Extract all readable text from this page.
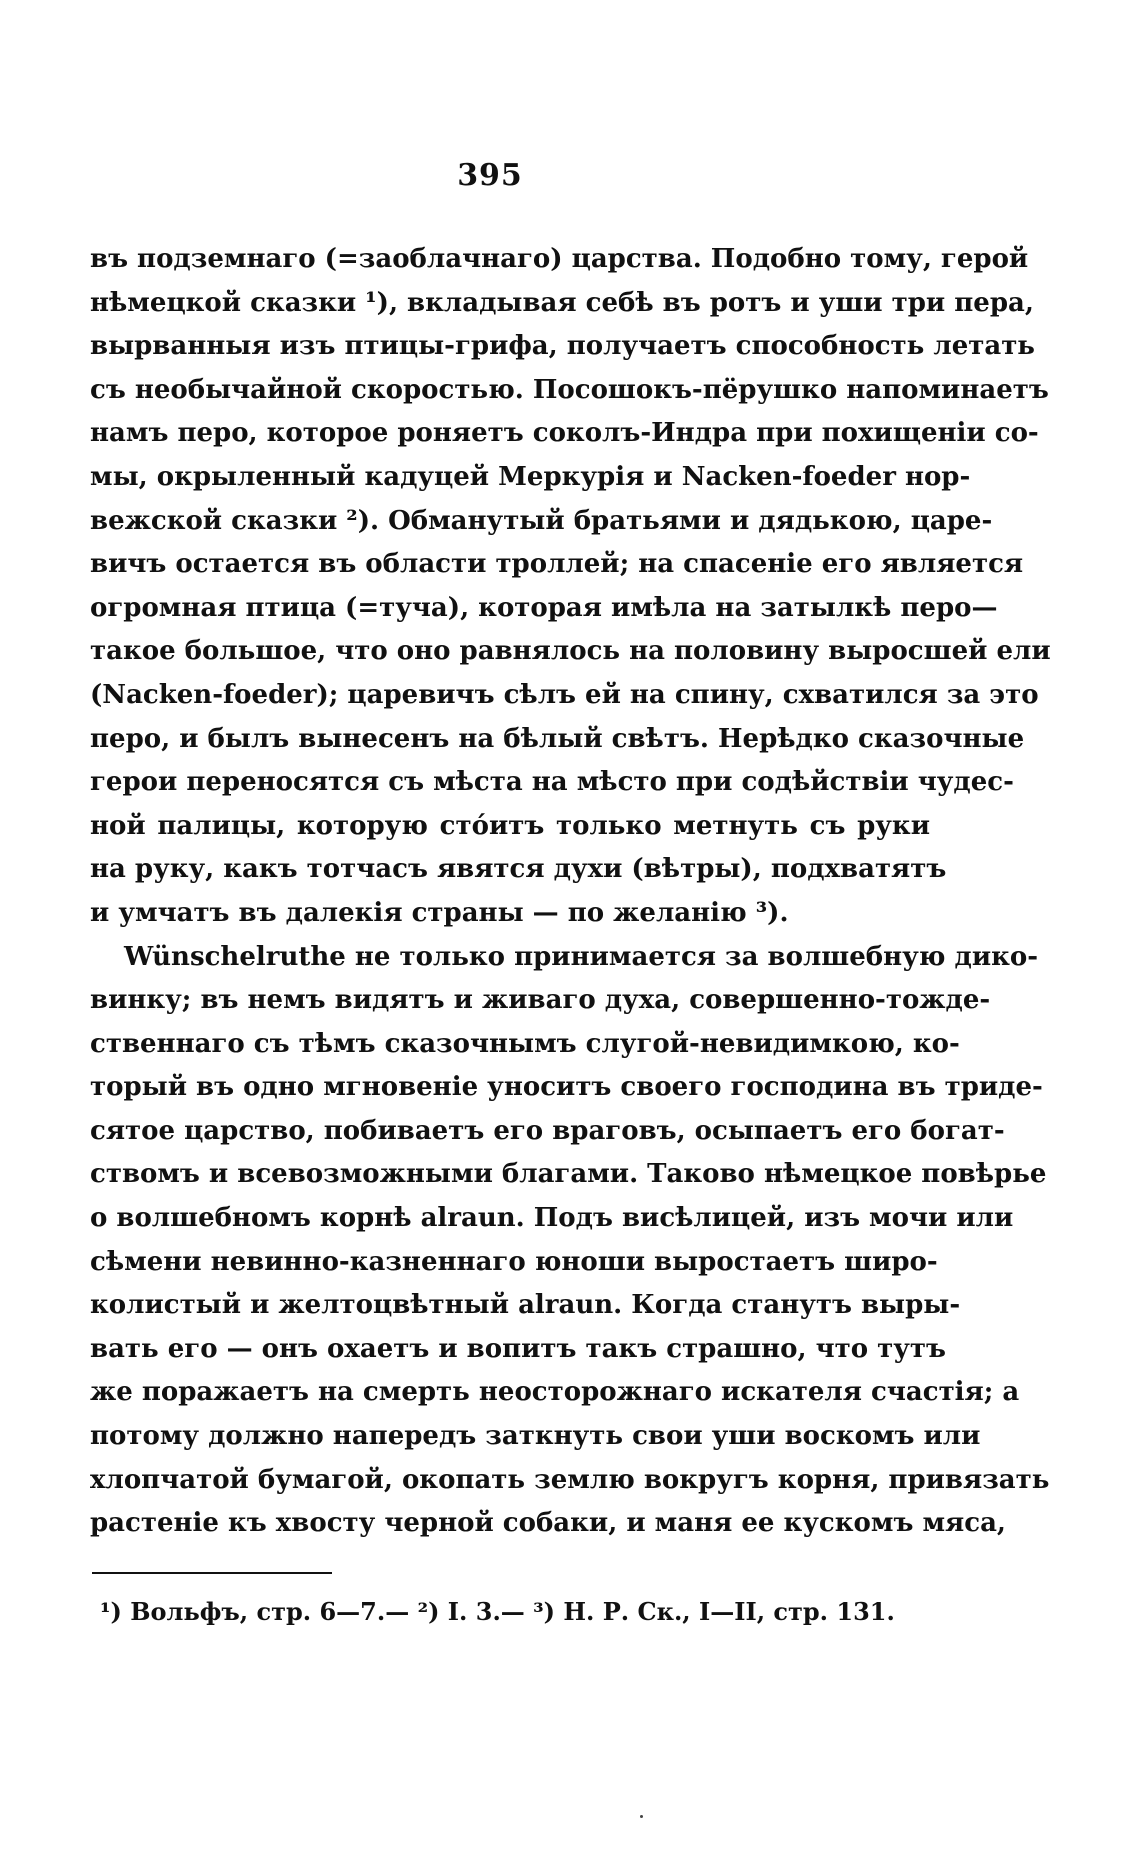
395
въ подземнаго (=заоблачнаго) царства. Подобно тому, герой
нѣмецкой сказки ¹), вкладывая себѣ въ ротъ и уши три пера,
вырванныя изъ птицы-грифа, получаетъ способность летать
съ необычайной скоростью. Посошокъ-пёрушко напоминаетъ
намъ перо, которое роняетъ соколъ-Индра при похищеніи со-
мы, окрыленный кадуцей Меркурія и Nacken-foeder нор-
вежской сказки ²). Обманутый братьями и дядькою, царе-
вичъ остается въ области троллей; на спасеніе его является
огромная птица (=туча), которая имѣла на затылкѣ перо—
такое большое, что оно равнялось на половину выросшей ели
(Nacken-foeder); царевичъ сѣлъ ей на спину, схватился за это
перо, и былъ вынесенъ на бѣлый свѣтъ. Нерѣдко сказочные
герои переносятся съ мѣста на мѣсто при содѣйствіи чудес-
ной палицы, которую стóитъ только метнуть съ руки
на руку, какъ тотчасъ явятся духи (вѣтры), подхватятъ
и умчатъ въ далекія страны — по желанію ³).
Wünschelruthe не только принимается за волшебную дико-
винку; въ немъ видятъ и живаго духа, совершенно-тожде-
ственнаго съ тѣмъ сказочнымъ слугой-невидимкою, ко-
торый въ одно мгновеніе уноситъ своего господина въ триде-
сятое царство, побиваетъ его враговъ, осыпаетъ его богат-
ствомъ и всевозможными благами. Таково нѣмецкое повѣрье
о волшебномъ корнѣ alraun. Подъ висѣлицей, изъ мочи или
сѣмени невинно-казненнаго юноши выростаетъ широ-
колистый и желтоцвѣтный alraun. Когда станутъ выры-
вать его — онъ охаетъ и вопитъ такъ страшно, что тутъ
же поражаетъ на смерть неосторожнаго искателя счастія; а
потому должно напередъ заткнуть свои уши воскомъ или
хлопчатой бумагой, окопать землю вокругъ корня, привязать
растеніе къ хвосту черной собаки, и маня ее кускомъ мяса,
¹) Вольфъ, стр. 6—7.— ²) I. 3.— ³) Н. Р. Ск., I—II, стр. 131.
